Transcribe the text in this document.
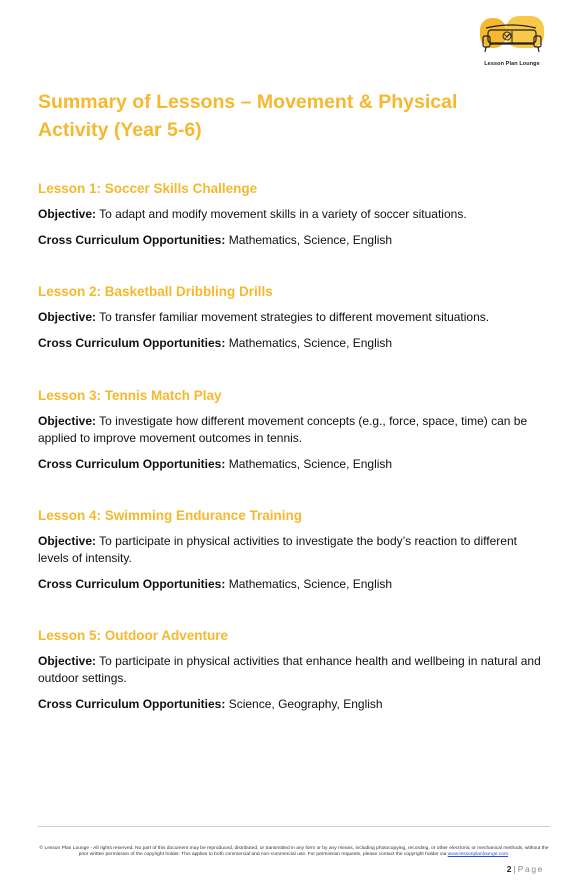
Lesson Plan Lounge
Summary of Lessons – Movement & Physical Activity (Year 5-6)

Lesson 1: Soccer Skills Challenge

Objective: To adapt and modify movement skills in a variety of soccer situations.

Cross Curriculum Opportunities: Mathematics, Science, English

Lesson 2: Basketball Dribbling Drills

Objective: To transfer familiar movement strategies to different movement situations.

Cross Curriculum Opportunities: Mathematics, Science, English

Lesson 3: Tennis Match Play

Objective: To investigate how different movement concepts (e.g., force, space, time) can be applied to improve movement outcomes in tennis.

Cross Curriculum Opportunities: Mathematics, Science, English

Lesson 4: Swimming Endurance Training

Objective: To participate in physical activities to investigate the body’s reaction to different levels of intensity.

Cross Curriculum Opportunities: Mathematics, Science, English

Lesson 5: Outdoor Adventure

Objective: To participate in physical activities that enhance health and wellbeing in natural and outdoor settings.

Cross Curriculum Opportunities: Science, Geography, English

© Lesson Plan Lounge - All rights reserved. No part of this document may be reproduced, distributed, or transmitted in any form or by any means, including photocopying, recording, or other electronic or mechanical methods, without the prior written permission of the copyright holder. This applies to both commercial and non-commercial use. For permission requests, please contact the copyright holder via www.lessonplanlounge.com.
2 | Page
